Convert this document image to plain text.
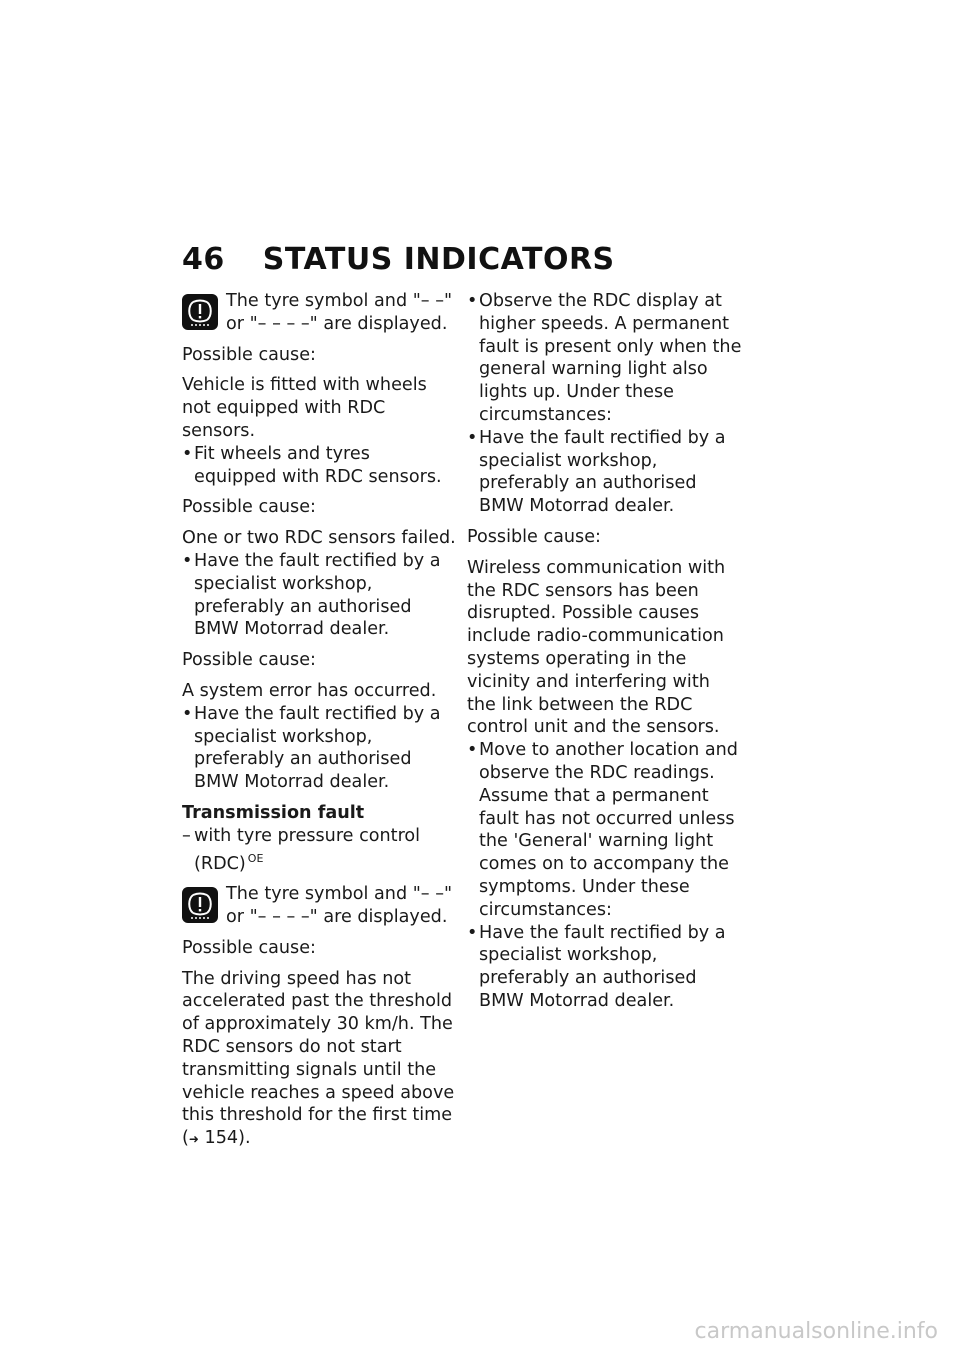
46 STATUS INDICATORS

The tyre symbol and "– –" or "– – – –" are displayed.

Possible cause:

Vehicle is fitted with wheels not equipped with RDC sensors.

• Fit wheels and tyres equipped with RDC sensors.

Possible cause:

One or two RDC sensors failed.

• Have the fault rectified by a specialist workshop, preferably an authorised BMW Motorrad dealer.

Possible cause:

A system error has occurred.

• Have the fault rectified by a specialist workshop, preferably an authorised BMW Motorrad dealer.

Transmission fault

– with tyre pressure control (RDC) $^{OE}$

The tyre symbol and "– –" or "– – – –" are displayed.

Possible cause:

The driving speed has not accelerated past the threshold of approximately 30 km/h. The RDC sensors do not start transmitting signals until the vehicle reaches a speed above this threshold for the first time
(➜ 154).

• Observe the RDC display at higher speeds. A permanent fault is present only when the general warning light also lights up. Under these circumstances:

• Have the fault rectified by a specialist workshop, preferably an authorised BMW Motorrad dealer.

Possible cause:

Wireless communication with the RDC sensors has been disrupted. Possible causes include radio-communication systems operating in the vicinity and interfering with the link between the RDC control unit and the sensors.

• Move to another location and observe the RDC readings. Assume that a permanent fault has not occurred unless the 'General' warning light comes on to accompany the symptoms. Under these circumstances:

• Have the fault rectified by a specialist workshop, preferably an authorised BMW Motorrad dealer.

carmanualsonline.info
